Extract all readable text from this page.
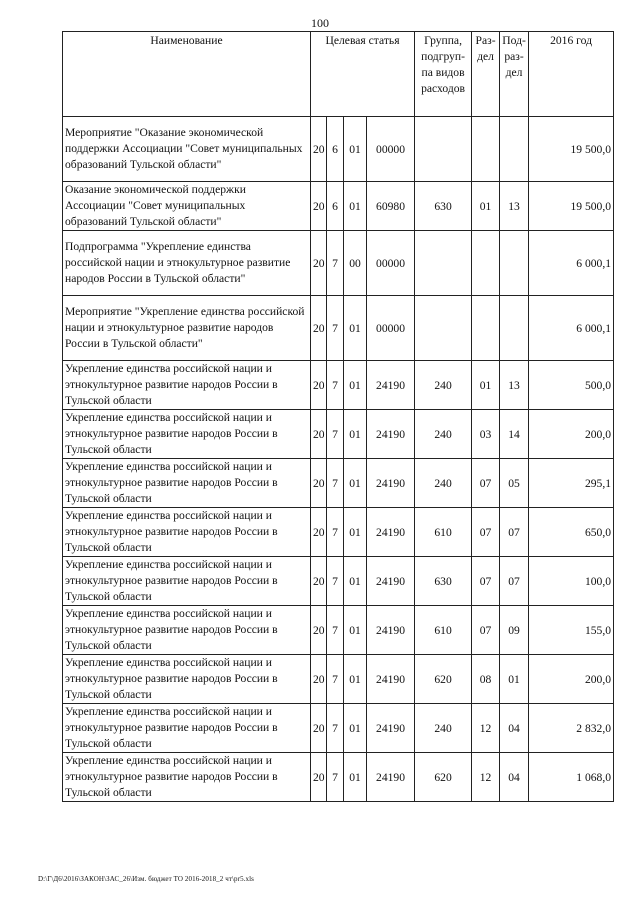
100
Наименование	Целевая статья				Группа, подгруп-па видов расходов	Раз-дел	Под-раз-дел	2016 год
Мероприятие "Оказание экономической поддержки Ассоциации "Совет муниципальных образований Тульской области"	20	6	01	00000				19 500,0
Оказание экономической поддержки Ассоциации "Совет муниципальных образований Тульской области"	20	6	01	60980	630	01	13	19 500,0
Подпрограмма "Укрепление единства российской нации и этнокультурное развитие народов России в Тульской области"	20	7	00	00000				6 000,1
Мероприятие "Укрепление единства российской нации и этнокультурное развитие народов России в Тульской области"	20	7	01	00000				6 000,1
Укрепление единства российской нации и этнокультурное развитие народов России в Тульской области	20	7	01	24190	240	01	13	500,0
Укрепление единства российской нации и этнокультурное развитие народов России в Тульской области	20	7	01	24190	240	03	14	200,0
Укрепление единства российской нации и этнокультурное развитие народов России в Тульской области	20	7	01	24190	240	07	05	295,1
Укрепление единства российской нации и этнокультурное развитие народов России в Тульской области	20	7	01	24190	610	07	07	650,0
Укрепление единства российской нации и этнокультурное развитие народов России в Тульской области	20	7	01	24190	630	07	07	100,0
Укрепление единства российской нации и этнокультурное развитие народов России в Тульской области	20	7	01	24190	610	07	09	155,0
Укрепление единства российской нации и этнокультурное развитие народов России в Тульской области	20	7	01	24190	620	08	01	200,0
Укрепление единства российской нации и этнокультурное развитие народов России в Тульской области	20	7	01	24190	240	12	04	2 832,0
Укрепление единства российской нации и этнокультурное развитие народов России в Тульской области	20	7	01	24190	620	12	04	1 068,0
D:\Г\Д6\2016\ЗАКОН\ЗАС_26\Изм. бюджет ТО 2016-2018_2 чт\pr5.xls
